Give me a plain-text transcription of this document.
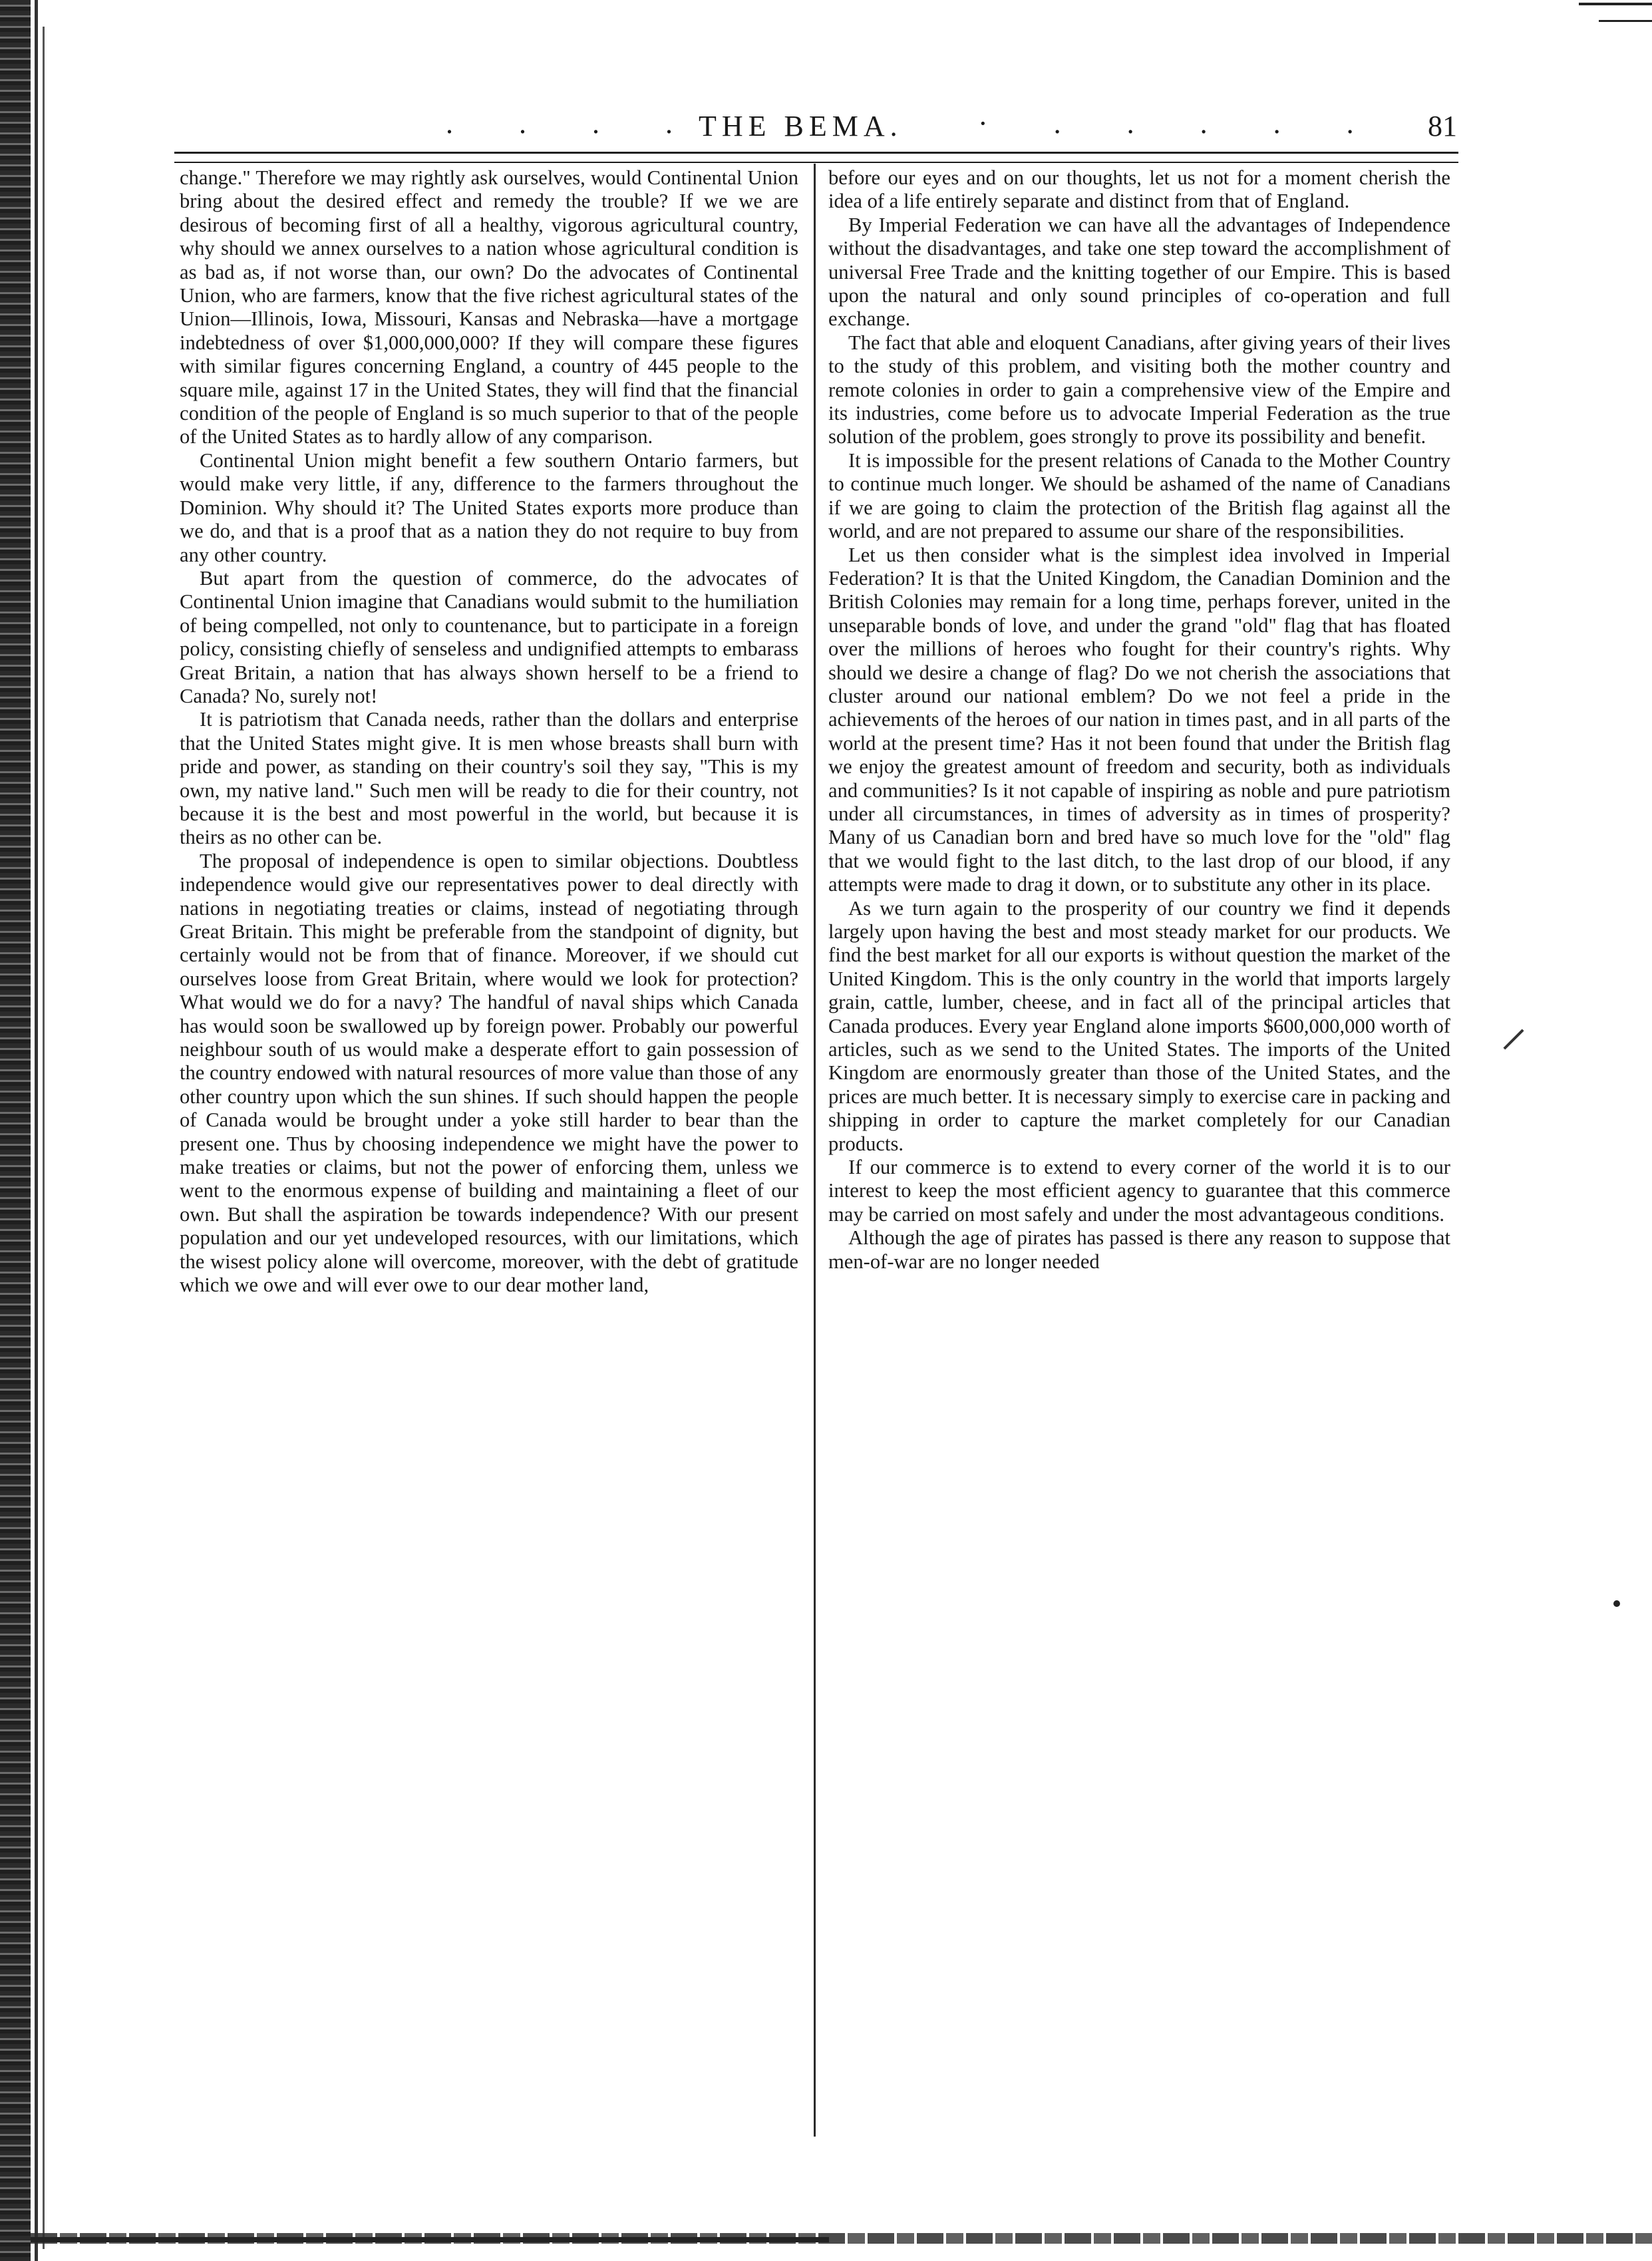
. . . .
THE BEMA.	· . . . . . 81

change." Therefore we may rightly ask ourselves, would Continental Union bring about the desired effect and remedy the trouble? If we we are desirous of becoming first of all a healthy, vigorous agricultural country, why should we annex ourselves to a nation whose agricultural condition is as bad as, if not worse than, our own? Do the advocates of Continental Union, who are farmers, know that the five richest agricultural states of the Union—Illinois, Iowa, Missouri, Kansas and Nebraska—have a mortgage indebtedness of over $1,000,000,000? If they will compare these figures with similar figures concerning England, a country of 445 people to the square mile, against 17 in the United States, they will find that the financial condition of the people of England is so much superior to that of the people of the United States as to hardly allow of any comparison.

Continental Union might benefit a few southern Ontario farmers, but would make very little, if any, difference to the farmers throughout the Dominion. Why should it? The United States exports more produce than we do, and that is a proof that as a nation they do not require to buy from any other country.

But apart from the question of commerce, do the advocates of Continental Union imagine that Canadians would submit to the humiliation of being compelled, not only to countenance, but to participate in a foreign policy, consisting chiefly of senseless and undignified attempts to embarass Great Britain, a nation that has always shown herself to be a friend to Canada? No, surely not!

It is patriotism that Canada needs, rather than the dollars and enterprise that the United States might give. It is men whose breasts shall burn with pride and power, as standing on their country's soil they say, "This is my own, my native land." Such men will be ready to die for their country, not because it is the best and most powerful in the world, but because it is theirs as no other can be.

The proposal of independence is open to similar objections. Doubtless independence would give our representatives power to deal directly with nations in negotiating treaties or claims, instead of negotiating through Great Britain. This might be preferable from the standpoint of dignity, but certainly would not be from that of finance. Moreover, if we should cut ourselves loose from Great Britain, where would we look for protection? What would we do for a navy? The handful of naval ships which Canada has would soon be swallowed up by foreign power. Probably our powerful neighbour south of us would make a desperate effort to gain possession of the country endowed with natural resources of more value than those of any other country upon which the sun shines. If such should happen the people of Canada would be brought under a yoke still harder to bear than the present one. Thus by choosing independence we might have the power to make treaties or claims, but not the power of enforcing them, unless we went to the enormous expense of building and maintaining a fleet of our own. But shall the aspiration be towards independence? With our present population and our yet undeveloped resources, with our limitations, which the wisest policy alone will overcome, moreover, with the debt of gratitude which we owe and will ever owe to our dear mother land,

before our eyes and on our thoughts, let us not for a moment cherish the idea of a life entirely separate and distinct from that of England.

By Imperial Federation we can have all the advantages of Independence without the disadvantages, and take one step toward the accomplishment of universal Free Trade and the knitting together of our Empire. This is based upon the natural and only sound principles of co-operation and full exchange.

The fact that able and eloquent Canadians, after giving years of their lives to the study of this problem, and visiting both the mother country and remote colonies in order to gain a comprehensive view of the Empire and its industries, come before us to advocate Imperial Federation as the true solution of the problem, goes strongly to prove its possibility and benefit.

It is impossible for the present relations of Canada to the Mother Country to continue much longer. We should be ashamed of the name of Canadians if we are going to claim the protection of the British flag against all the world, and are not prepared to assume our share of the responsibilities.

Let us then consider what is the simplest idea involved in Imperial Federation? It is that the United Kingdom, the Canadian Dominion and the British Colonies may remain for a long time, perhaps forever, united in the unseparable bonds of love, and under the grand "old" flag that has floated over the millions of heroes who fought for their country's rights. Why should we desire a change of flag? Do we not cherish the associations that cluster around our national emblem? Do we not feel a pride in the achievements of the heroes of our nation in times past, and in all parts of the world at the present time? Has it not been found that under the British flag we enjoy the greatest amount of freedom and security, both as individuals and communities? Is it not capable of inspiring as noble and pure patriotism under all circumstances, in times of adversity as in times of prosperity? Many of us Canadian born and bred have so much love for the "old" flag that we would fight to the last ditch, to the last drop of our blood, if any attempts were made to drag it down, or to substitute any other in its place.

As we turn again to the prosperity of our country we find it depends largely upon having the best and most steady market for our products. We find the best market for all our exports is without question the market of the United Kingdom. This is the only country in the world that imports largely grain, cattle, lumber, cheese, and in fact all of the principal articles that Canada produces. Every year England alone imports $600,000,000 worth of articles, such as we send to the United States. The imports of the United Kingdom are enormously greater than those of the United States, and the prices are much better. It is necessary simply to exercise care in packing and shipping in order to capture the market completely for our Canadian products.

If our commerce is to extend to every corner of the world it is to our interest to keep the most efficient agency to guarantee that this commerce may be carried on most safely and under the most advantageous conditions.

Although the age of pirates has passed is there any reason to suppose that men-of-war are no longer needed
